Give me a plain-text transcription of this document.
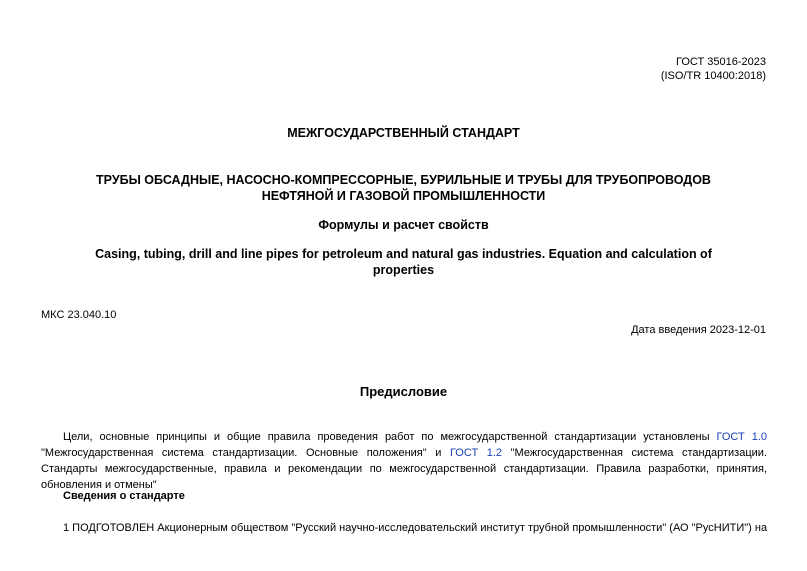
ГОСТ 35016-2023
(ISO/TR 10400:2018)
МЕЖГОСУДАРСТВЕННЫЙ СТАНДАРТ
ТРУБЫ ОБСАДНЫЕ, НАСОСНО-КОМПРЕССОРНЫЕ, БУРИЛЬНЫЕ И ТРУБЫ ДЛЯ ТРУБОПРОВОДОВ
НЕФТЯНОЙ И ГАЗОВОЙ ПРОМЫШЛЕННОСТИ
Формулы и расчет свойств
Casing, tubing, drill and line pipes for petroleum and natural gas industries. Equation and calculation of
properties
МКС 23.040.10
Дата введения 2023-12-01
Предисловие
Цели, основные принципы и общие правила проведения работ по межгосударственной стандартизации установлены ГОСТ 1.0 "Межгосударственная система стандартизации. Основные положения" и ГОСТ 1.2 "Межгосударственная система стандартизации. Стандарты межгосударственные, правила и рекомендации по межгосударственной стандартизации. Правила разработки, принятия, обновления и отмены"
Сведения о стандарте
1 ПОДГОТОВЛЕН Акционерным обществом "Русский научно-исследовательский институт трубной промышленности" (АО "РусНИТИ") на
